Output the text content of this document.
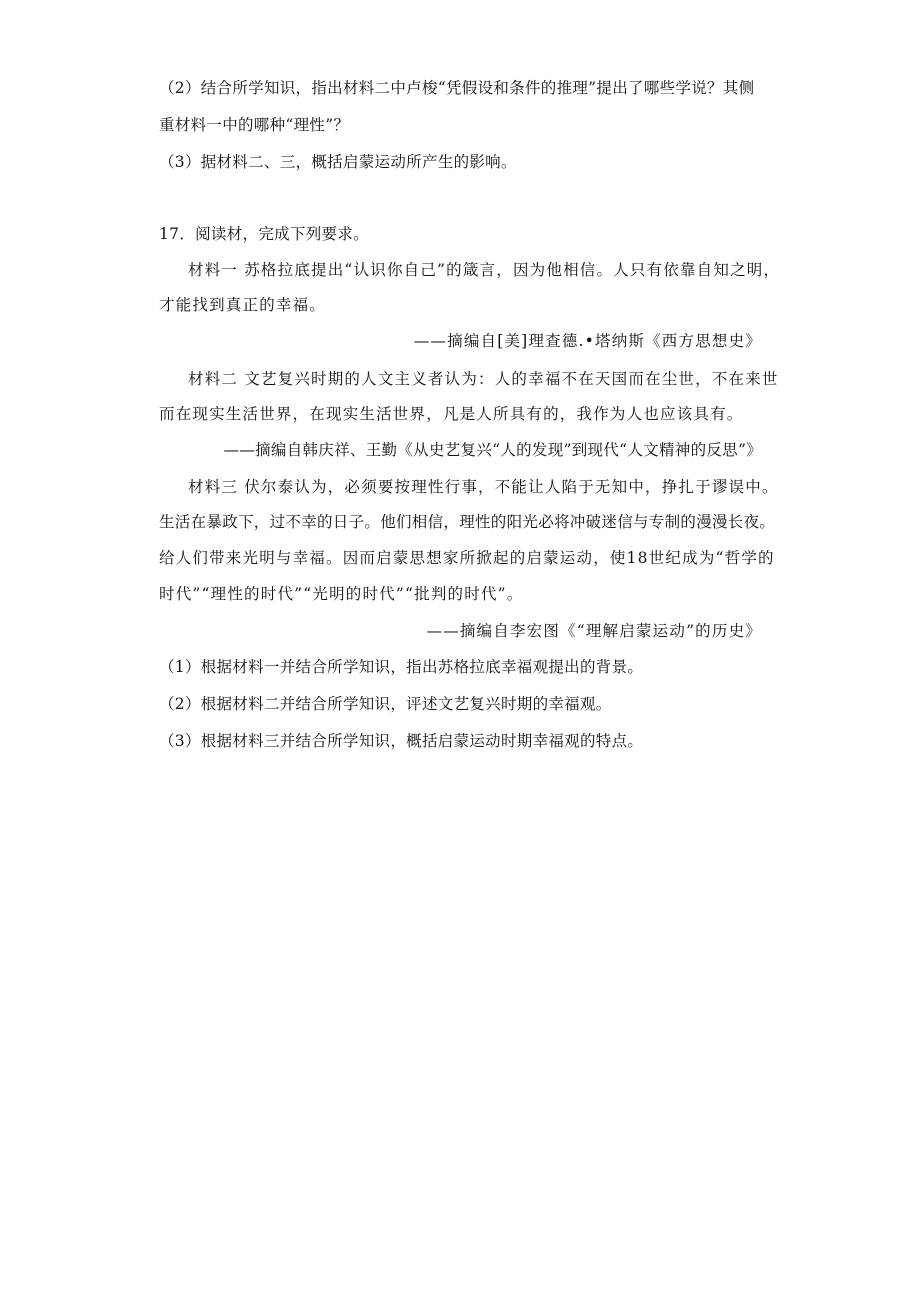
（2）结合所学知识，指出材料二中卢梭“凭假设和条件的推理”提出了哪些学说？其侧
重材料一中的哪种“理性”？
（3）据材料二、三，概括启蒙运动所产生的影响。
17．阅读材，完成下列要求。
材料一 苏格拉底提出“认识你自己”的箴言，因为他相信。人只有依靠自知之明，
才能找到真正的幸福。
——摘编自[美]理查德.•塔纳斯《西方思想史》
材料二 文艺复兴时期的人文主义者认为：人的幸福不在天国而在尘世，不在来世
而在现实生活世界，在现实生活世界，凡是人所具有的，我作为人也应该具有。
——摘编自韩庆祥、王勤《从史艺复兴“人的发现”到现代“人文精神的反思”》
材料三 伏尔泰认为，必须要按理性行事，不能让人陷于无知中，挣扎于谬误中。
生活在暴政下，过不幸的日子。他们相信，理性的阳光必将冲破迷信与专制的漫漫长夜。
给人们带来光明与幸福。因而启蒙思想家所掀起的启蒙运动，使18世纪成为“哲学的
时代”“理性的时代”“光明的时代”“批判的时代”。
——摘编自李宏图《“理解启蒙运动”的历史》
（1）根据材料一并结合所学知识，指出苏格拉底幸福观提出的背景。
（2）根据材料二并结合所学知识，评述文艺复兴时期的幸福观。
（3）根据材料三并结合所学知识，概括启蒙运动时期幸福观的特点。
